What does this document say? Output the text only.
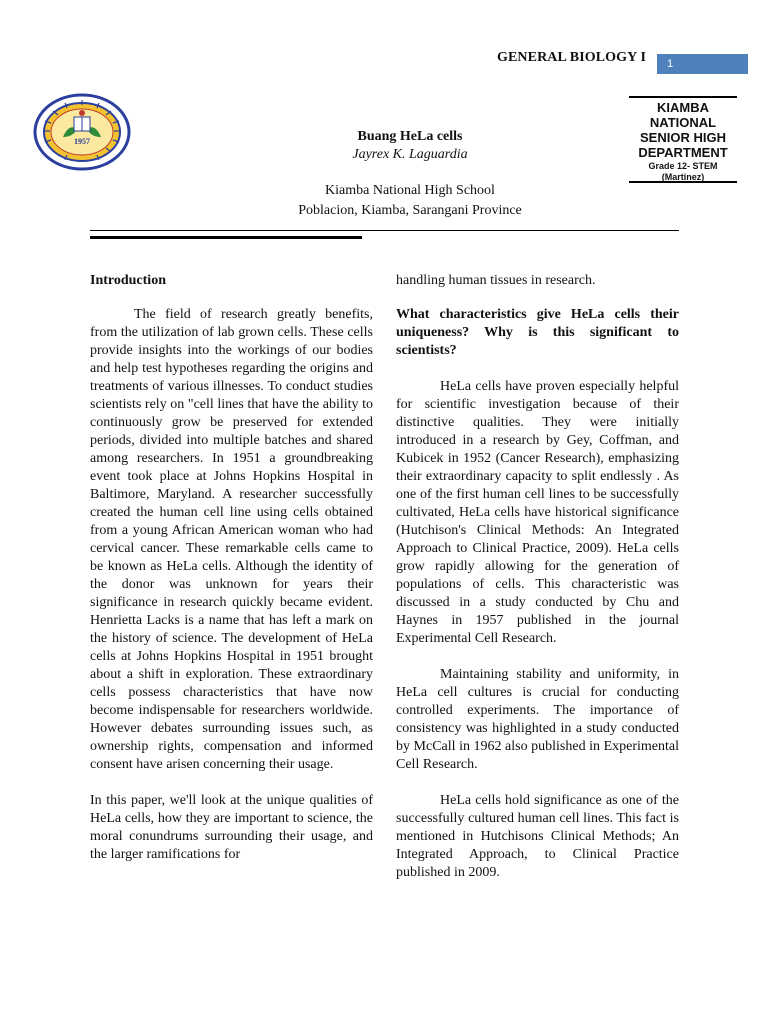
GENERAL BIOLOGY I	1
1957	Buang HeLa cells
Jayrex K. Laguardia
Kiamba National High School
Poblacion, Kiamba, Sarangani Province
KIAMBA
NATIONAL
SENIOR HIGH
DEPARTMENT
Grade 12- STEM
(Martinez)

Introduction

The field of research greatly benefits, from the utilization of lab grown cells. These cells provide insights into the workings of our bodies and help test hypotheses regarding the origins and treatments of various illnesses. To conduct studies scientists rely on "cell lines that have the ability to continuously grow be preserved for extended periods, divided into multiple batches and shared among researchers. In 1951 a groundbreaking event took place at Johns Hopkins Hospital in Baltimore, Maryland. A researcher successfully created the human cell line using cells obtained from a young African American woman who had cervical cancer. These remarkable cells came to be known as HeLa cells. Although the identity of the donor was unknown for years their significance in research quickly became evident. Henrietta Lacks is a name that has left a mark on the history of science. The development of HeLa cells at Johns Hopkins Hospital in 1951 brought about a shift in exploration. These extraordinary cells possess characteristics that have now become indispensable for researchers worldwide. However debates surrounding issues such, as ownership rights, compensation and informed consent have arisen concerning their usage.

In this paper, we'll look at the unique qualities of HeLa cells, how they are important to science, the moral conundrums surrounding their usage, and the larger ramifications for

handling human tissues in research.

What characteristics give HeLa cells their uniqueness? Why is this significant to scientists?

HeLa cells have proven especially helpful for scientific investigation because of their distinctive qualities. They were initially introduced in a research by Gey, Coffman, and Kubicek in 1952 (Cancer Research), emphasizing their extraordinary capacity to split endlessly . As one of the first human cell lines to be successfully cultivated, HeLa cells have historical significance (Hutchison's Clinical Methods: An Integrated Approach to Clinical Practice, 2009). HeLa cells grow rapidly allowing for the generation of populations of cells. This characteristic was discussed in a study conducted by Chu and Haynes in 1957 published in the journal Experimental Cell Research.

Maintaining stability and uniformity, in HeLa cell cultures is crucial for conducting controlled experiments. The importance of consistency was highlighted in a study conducted by McCall in 1962 also published in Experimental Cell Research.

HeLa cells hold significance as one of the successfully cultured human cell lines. This fact is mentioned in Hutchisons Clinical Methods; An Integrated Approach, to Clinical Practice published in 2009.
